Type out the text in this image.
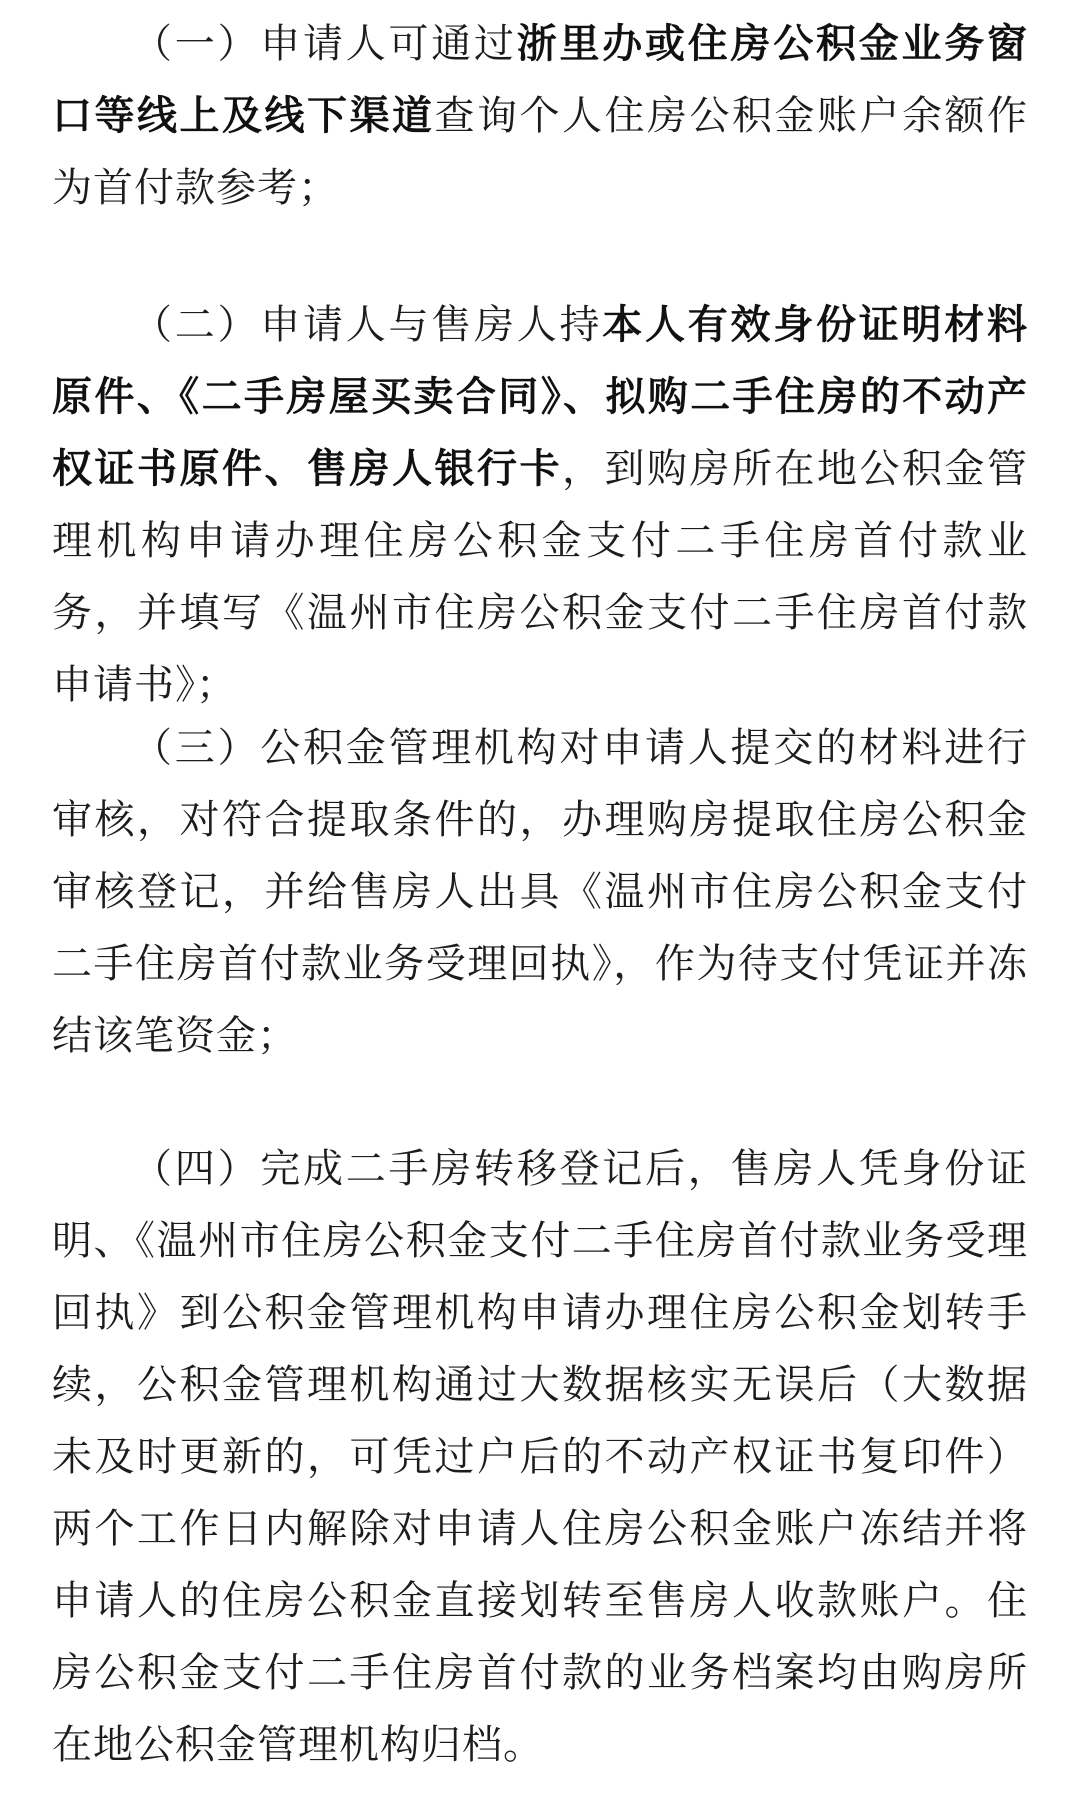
（一）申请人可通过浙里办或住房公积金业务窗口等线上及线下渠道查询个人住房公积金账户余额作为首付款参考；

（二）申请人与售房人持本人有效身份证明材料原件、《二手房屋买卖合同》、拟购二手住房的不动产权证书原件、售房人银行卡，到购房所在地公积金管理机构申请办理住房公积金支付二手住房首付款业务，并填写《温州市住房公积金支付二手住房首付款申请书》；

（三）公积金管理机构对申请人提交的材料进行审核，对符合提取条件的，办理购房提取住房公积金审核登记，并给售房人出具《温州市住房公积金支付二手住房首付款业务受理回执》，作为待支付凭证并冻结该笔资金；

（四）完成二手房转移登记后，售房人凭身份证明、《温州市住房公积金支付二手住房首付款业务受理回执》到公积金管理机构申请办理住房公积金划转手续，公积金管理机构通过大数据核实无误后（大数据未及时更新的，可凭过户后的不动产权证书复印件）两个工作日内解除对申请人住房公积金账户冻结并将申请人的住房公积金直接划转至售房人收款账户。住房公积金支付二手住房首付款的业务档案均由购房所在地公积金管理机构归档。
